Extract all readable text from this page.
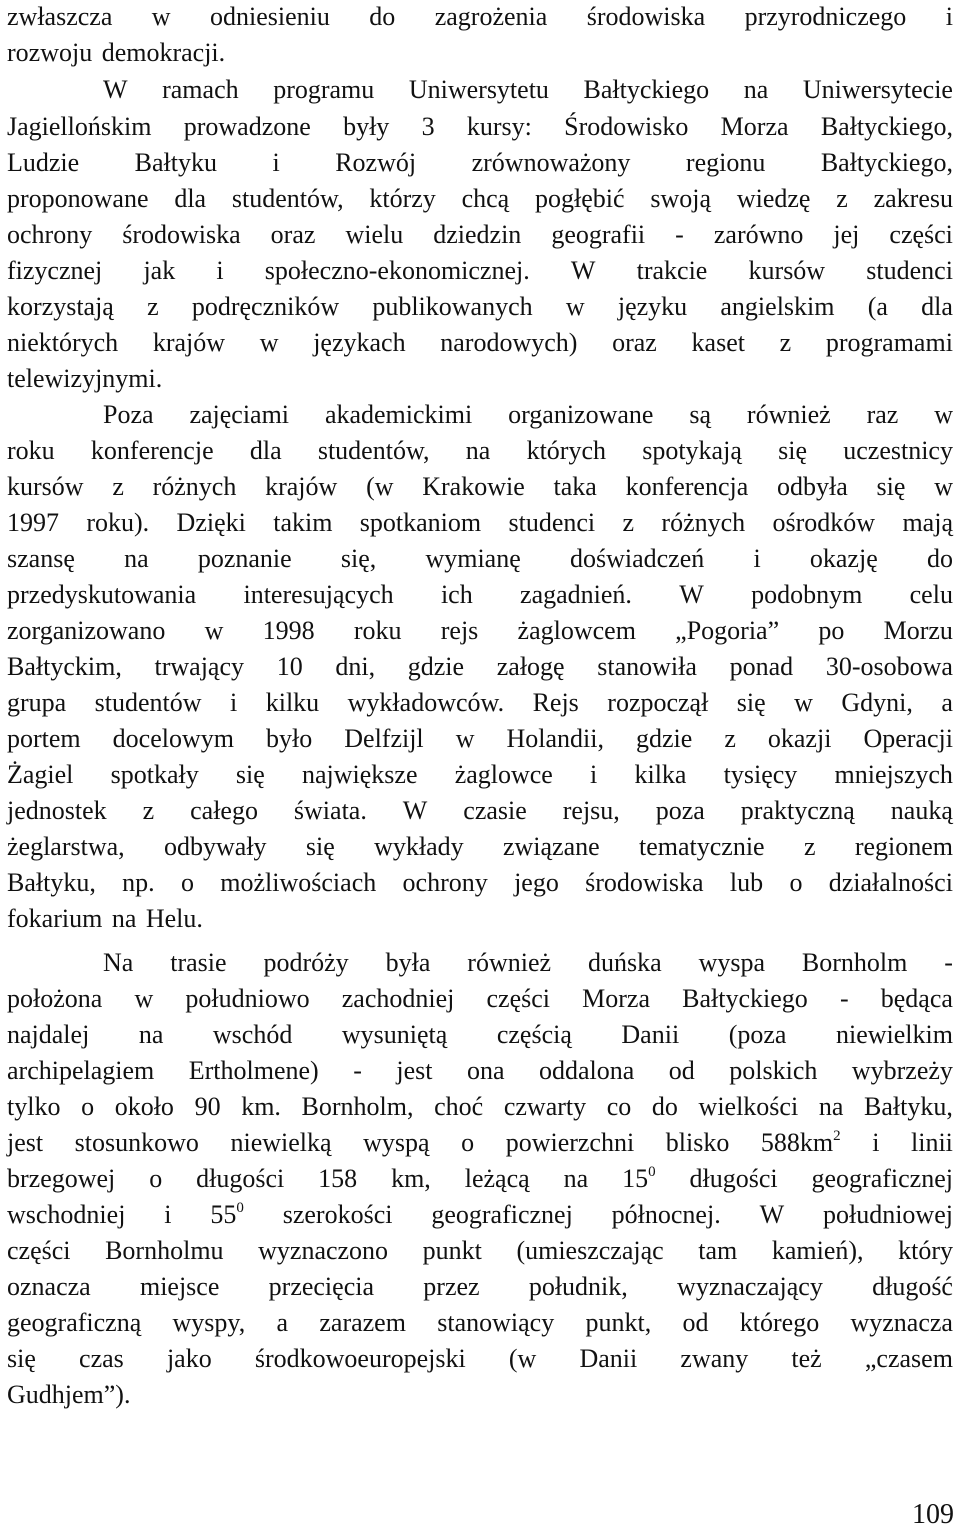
zwłaszcza w odniesieniu do zagrożenia środowiska przyrodniczego i
rozwoju
demokracji.
W ramach programu Uniwersytetu Bałtyckiego na Uniwersytecie
Jagiellońskim prowadzone były 3 kursy: Środowisko Morza Bałtyckiego,
Ludzie Bałtyku i Rozwój zrównoważony regionu Bałtyckiego,
proponowane dla studentów, którzy chcą pogłębić swoją wiedzę z zakresu
ochrony środowiska oraz wielu dziedzin geografii - zarówno jej części
fizycznej jak i społeczno-ekonomicznej. W trakcie kursów studenci
korzystają z podręczników publikowanych w języku angielskim (a dla
niektórych krajów w językach narodowych) oraz kaset z programami
telewizyjnymi.
Poza zajęciami akademickimi organizowane są również raz w
roku konferencje dla studentów, na których spotykają się uczestnicy
kursów z różnych krajów (w Krakowie taka konferencja odbyła się w
1997 roku). Dzięki takim spotkaniom studenci z różnych ośrodków mają
szansę na poznanie się, wymianę doświadczeń i okazję do
przedyskutowania interesujących ich zagadnień. W podobnym celu
zorganizowano w 1998 roku rejs żaglowcem „Pogoria” po Morzu
Bałtyckim, trwający 10 dni, gdzie załogę stanowiła ponad 30-osobowa
grupa studentów i kilku wykładowców. Rejs rozpoczął się w Gdyni, a
portem docelowym było Delfzijl w Holandii, gdzie z okazji Operacji
Żagiel spotkały się największe żaglowce i kilka tysięcy mniejszych
jednostek z całego świata. W czasie rejsu, poza praktyczną nauką
żeglarstwa, odbywały się wykłady związane tematycznie z regionem
Bałtyku, np. o możliwościach ochrony jego środowiska lub o działalności
fokarium
na
Helu.
Na trasie podróży była również duńska wyspa Bornholm -
położona w południowo zachodniej części Morza Bałtyckiego - będąca
najdalej na wschód wysuniętą częścią Danii (poza niewielkim
archipelagiem Ertholmene) - jest ona oddalona od polskich wybrzeży
tylko o około 90 km. Bornholm, choć czwarty co do wielkości na Bałtyku,
jest stosunkowo niewielką wyspą o powierzchni blisko $588km^2$ i linii
brzegowej o długości 158 km, leżącą na $15^0$ długości geograficznej
wschodniej i $55^0$ szerokości geograficznej północnej. W południowej
części Bornholmu wyznaczono punkt (umieszczając tam kamień), który
oznacza miejsce przecięcia przez południk, wyznaczający długość
geograficzną wyspy, a zarazem stanowiący punkt, od którego wyznacza
się czas jako środkowoeuropejski (w Danii zwany też „czasem
Gudhjem”).
109
